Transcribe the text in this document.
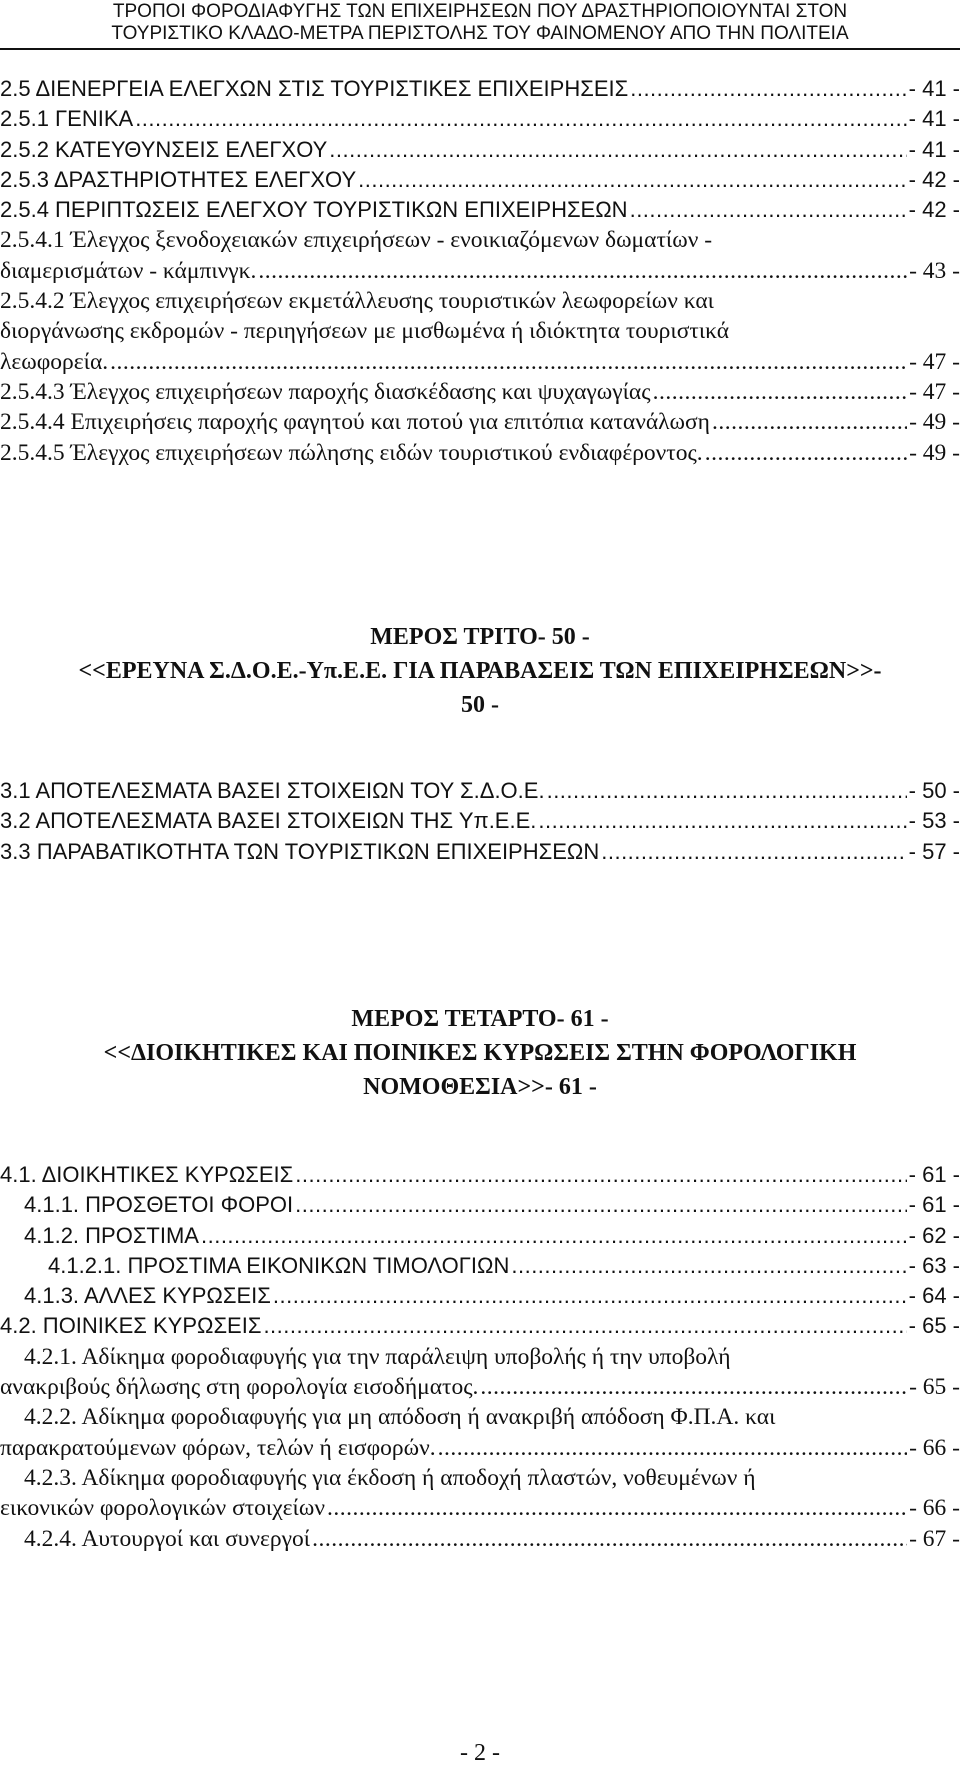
ΤΡΟΠΟΙ ΦΟΡΟΔΙΑΦΥΓΗΣ ΤΩΝ ΕΠΙΧΕΙΡΗΣΕΩΝ ΠΟΥ ΔΡΑΣΤΗΡΙΟΠΟΙΟΥΝΤΑΙ ΣΤΟΝ
ΤΟΥΡΙΣΤΙΚΟ ΚΛΑΔΟ-ΜΕΤΡΑ ΠΕΡΙΣΤΟΛΗΣ ΤΟΥ ΦΑΙΝΟΜΕΝΟΥ ΑΠΟ ΤΗΝ ΠΟΛΙΤΕΙΑ
2.5 ΔΙΕΝΕΡΓΕΙΑ ΕΛΕΓΧΩΝ ΣΤΙΣ ΤΟΥΡΙΣΤΙΚΕΣ ΕΠΙΧΕΙΡΗΣΕΙΣ .....	- 41 -
2.5.1 ΓΕΝΙΚΑ .....	- 41 -
2.5.2 ΚΑΤΕΥΘΥΝΣΕΙΣ ΕΛΕΓΧΟΥ .....	- 41 -
2.5.3 ΔΡΑΣΤΗΡΙΟΤΗΤΕΣ ΕΛΕΓΧΟΥ .....	- 42 -
2.5.4 ΠΕΡΙΠΤΩΣΕΙΣ ΕΛΕΓΧΟΥ ΤΟΥΡΙΣΤΙΚΩΝ ΕΠΙΧΕΙΡΗΣΕΩΝ .....	- 42 -
2.5.4.1 Έλεγχος ξενοδοχειακών επιχειρήσεων - ενοικιαζόμενων δωματίων -
διαμερισμάτων - κάμπινγκ. .....	- 43 -
2.5.4.2 Έλεγχος επιχειρήσεων εκμετάλλευσης τουριστικών λεωφορείων και
διοργάνωσης εκδρομών - περιηγήσεων με μισθωμένα ή ιδιόκτητα τουριστικά
λεωφορεία. .....	- 47 -
2.5.4.3 Έλεγχος επιχειρήσεων παροχής διασκέδασης και ψυχαγωγίας .....	- 47 -
2.5.4.4 Επιχειρήσεις παροχής φαγητού και ποτού για επιτόπια κατανάλωση .....	- 49 -
2.5.4.5 Έλεγχος επιχειρήσεων πώλησης ειδών τουριστικού ενδιαφέροντος. .....	- 49 -
ΜΕΡΟΣ ΤΡΙΤΟ- 50 -
<<ΕΡΕΥΝΑ Σ.Δ.Ο.Ε.-Υπ.Ε.Ε. ΓΙΑ ΠΑΡΑΒΑΣΕΙΣ ΤΩΝ ΕΠΙΧΕΙΡΗΣΕΩΝ>>-
50 -
3.1 ΑΠΟΤΕΛΕΣΜΑΤΑ ΒΑΣΕΙ ΣΤΟΙΧΕΙΩΝ ΤΟΥ Σ.Δ.Ο.Ε. .....	- 50 -
3.2 ΑΠΟΤΕΛΕΣΜΑΤΑ ΒΑΣΕΙ ΣΤΟΙΧΕΙΩΝ ΤΗΣ Υπ.Ε.Ε. .....	- 53 -
3.3 ΠΑΡΑΒΑΤΙΚΟΤΗΤΑ ΤΩΝ ΤΟΥΡΙΣΤΙΚΩΝ ΕΠΙΧΕΙΡΗΣΕΩΝ .....	- 57 -
ΜΕΡΟΣ ΤΕΤΑΡΤΟ- 61 -
<<ΔΙΟΙΚΗΤΙΚΕΣ ΚΑΙ ΠΟΙΝΙΚΕΣ ΚΥΡΩΣΕΙΣ ΣΤΗΝ ΦΟΡΟΛΟΓΙΚΗ
ΝΟΜΟΘΕΣΙΑ>>- 61 -
4.1. ΔΙΟΙΚΗΤΙΚΕΣ ΚΥΡΩΣΕΙΣ .....	- 61 -
4.1.1. ΠΡΟΣΘΕΤΟΙ ΦΟΡΟΙ .....	- 61 -
4.1.2. ΠΡΟΣΤΙΜΑ .....	- 62 -
4.1.2.1. ΠΡΟΣΤΙΜΑ ΕΙΚΟΝΙΚΩΝ ΤΙΜΟΛΟΓΙΩΝ .....	- 63 -
4.1.3. ΑΛΛΕΣ ΚΥΡΩΣΕΙΣ .....	- 64 -
4.2. ΠΟΙΝΙΚΕΣ ΚΥΡΩΣΕΙΣ .....	- 65 -
4.2.1. Αδίκημα φοροδιαφυγής για την παράλειψη υποβολής ή την υποβολή
ανακριβούς δήλωσης στη φορολογία εισοδήματος. .....	- 65 -
4.2.2. Αδίκημα φοροδιαφυγής για μη απόδοση ή ανακριβή απόδοση Φ.Π.Α. και
παρακρατούμενων φόρων, τελών ή εισφορών. .....	- 66 -
4.2.3. Αδίκημα φοροδιαφυγής για έκδοση ή αποδοχή πλαστών, νοθευμένων ή
εικονικών φορολογικών στοιχείων .....	- 66 -
4.2.4. Αυτουργοί και συνεργοί .....	- 67 -
- 2 -
